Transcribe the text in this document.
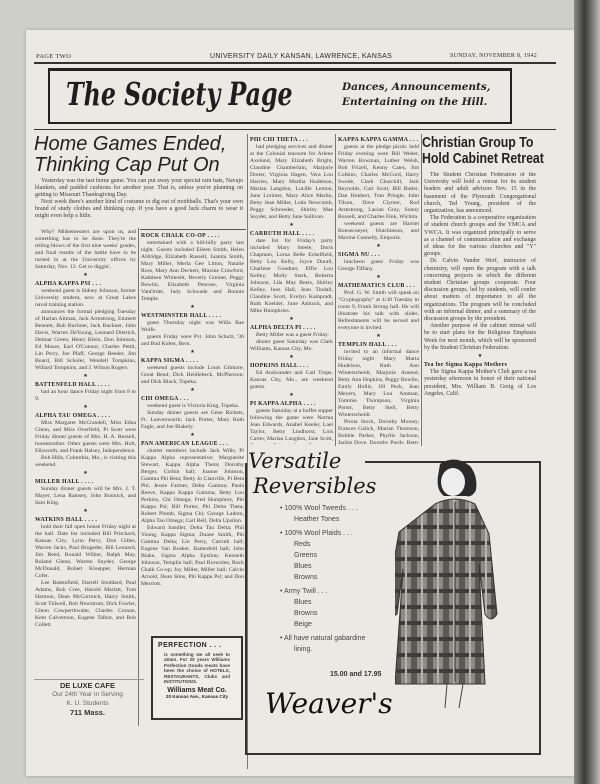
PAGE TWO	UNIVERSITY DAILY KANSAN, LAWRENCE, KANSAS	SUNDAY, NOVEMBER 8, 1942
The Society Page	Dances, Announcements,
Entertaining on the Hill.
Home Games Ended,
Thinking Cap Put On

Yesterday was the last home game. You can put away your special rain hats, Navajo blankets, and padded cushions for another year. That is, unless you're planning on getting to Missouri Thanksgiving Day.

Next week there's another kind of costume to dig out of mothballs. That's your own brand of study clothes and thinking cap. If you have a good luck charm to wear it might even help a little.

Why? Midsemesters are upon us, and something has to be done. They're the telling blows of the first nine weeks' grades, and final results of the battle have to be turned in at the University offices by Saturday, Nov. 12. Get to diggin'.

★
ALPHA KAPPA PSI . . .

weekend guest is Sidney Johnson, former University student, now at Great Lakes naval training station.

announces the formal pledging Tuesday of Harlan Altman, Jack Armstrong, Emmett Bennett, Bob Buchner, Jack Buckner, John Davis, Warren DeYoung, Leonard Dietrich, Delmar Green, Henry Klein, Don Johnson, Ed Moses, Earl O'Connor, Charles Pettit, Lin Perry, Joe Pfaff, George Reeder, Jim Board, Bill Scholer, Wendell Tompkins, Willard Tompkins, and J. Wilson Rogers.

★
BATTENFELD HALL . . . .

had an hour dance Friday night from 8 to 9.

★
ALPHA TAU OMEGA . . . .

Miss Margaret McCrandell, Miss Edna Glenn, and Miss Overfield, Pi Scott were Friday dinner guests of Mrs. H. A. Russell, housemother. Other guests were Mrs. Holt, Ellsworth, and Frank Halsey, Independence.

Bob Hills, Columbia, Mo., is visiting this weekend.

★
MILLER HALL . . . .

Sunday dinner guests will be Mrs. J. T. Mayer, Lena Ramsey, John Bonnick, and Sam King.

★
WATKINS HALL . . . .

hold their fall open house Friday night at the hall. Date list included Bill Pritchard, Kansas City; Lynn Perry, Don Gilles, Warren Jacks, Paul Brugeder, Bill Leonard, Jim Reed, Ronald Wilbur, Ralph May, Roland Glenn, Warren Snyder, George McDonald, Robert Kloepper, Herman Cofer.

Lee Battenfield, Darrell Stoddard, Paul Adams, Bob Cree, Harold Marlatt, Tom Harmon, Dean McCormick, Harry Smith, Scott Tidwell, Bob Newstrom, Dick Fowler, Glenn Cowperthwaite, Charles Cronan, Kent Culvertson, Eugene Talbot, and Bob Collett.

ROCK CHALK CO-OP . . . .

entertained with a hill-billy party last night. Guests included Eileen Smith, Helen Aldridge, Elizabeth Russell, Juanita Smith, Mary Miller, Merla Gee Litton, Natalie Ross, Mary Ann Deckert, Maxine Crawford, Kathleen Whitesitt, Beverly Greiner, Peggy Bowlin, Elizabeth Penrose, Virginia VanOrder, Judy Schwade and Bonnie Temple.

★
WESTMINSTER HALL . . . .

guest Thursday night was Willa Rae Wolfe.

guests Friday were Pvt. John Schulz, '36 and Bud Kober, Bern.

★
KAPPA SIGMA . . . .

weekend guests include Louis Gilmore, Great Bend; Dick Heidlebeck, McPherson; and Dick Black, Topeka.

★
CHI OMEGA . . .

weekend guest is Victoria King, Topeka.

Sunday dinner guests are Gene Rickets, Ft. Leavenworth; Jack Porter, Mary Ruth Fagle, and Joe Blakely.

★
PAN AMERICAN LEAGUE . . .

charter members include Jack Wills, Pi Kappa Alpha representative; Marguerite Stewart, Kappa Alpha Theta; Dorothy Berger, Corbin hall; Joanne Johnson, Gamma Phi Beta; Betty Jo Clanville, Pi Beta Phi; Jessie Farmer, Delta Gamma; Paula Reeve, Kappa Kappa Gamma; Betty Lou Perkins, Chi Omega; Fred Humphrey, Phi Kappa Psi; Bill Porter, Phi Delta Theta; Robert Plumb, Sigma Chi; George Ladom, Alpha Tau Omega; Carl Bell, Delta Upsilon.

Edward Sandler, Delta Tau Delta; Phil Young, Kappa Sigma; Duane Smith, Phi Gamma Delta; Lin Perry, Carruth hall; Eugene Van Bosker, Battenfeld hall; John Blake, Sigma Alpha Epsilon; Kenneth Johnson, Templin hall; Paul Brownlee, Rock Chalk Co-op; Joy Miller, Miller hall; Calvin Arnold, Dean Sims, Phi Kappa Psi; and Don Merriott.

PHI CHI THETA . . .

had pledging services and dinner at the Colonial tearoom for Arlene Axelund, Mary Elizabeth Bright, Claudine Chamberlain, Marjorie Dorter, Virginia Hagen, Vera Lou Harries, Mary Martha Hudelson, Marian Langdon, Lucille Lemon, June Lorimer, Mary Alice Marlin, Betty Jean Miller, Loda Newcomb, Peggy Schroeder, Shirley Mae Snyder, and Betty June Sullivan.

★
CARRUTH HALL . . . .

date list for Friday's party included Mary Steele, Doris Chapman, Lorna Belle Eckelfield, Betty Lou Kelly, Joyce Durall, Charlene Goodner, Effie Lou Kelley, Molly Stark, Roberta Johnson, Lila May Beets, Shirley Kelley, Inez Hall, Jean Tindall, Claudine Scott, Evelyn Kampradt, Ruth Koehler, June Ashtock, and Mike Humphries.

★
ALPHA DELTA PI . . . .

Betty Miller was a guest Friday.

dinner guest Saturday was Clark Williams, Kansas City, Mo.

★
HOPKINS HALL . . .

Ed Andwander and Carl Trupe, Kansas City, Mo., are weekend guests.

★
PI KAPPA ALPHA . . . .

guests Saturday at a buffet supper following the game were Norma Jean Edwards, Anabel Keeler, Lael Taylor, Betty Lindhorst, Lois Carter, Marian Langdon, Jane Scott,

KAPPA KAPPA GAMMA . . .

guests at the pledge picnic held Friday evening were Bill Weber, Warren Bowman, Luther Welsh, Bob Frizell, Kenny Cates, Jim Colkins, Charles McCord, Harry Swede, Clark Churchill, Jack Reynolds, Curt Scott, Bill Butler, Dan Hunbert, Tom Pringle, John Tilson, Dave Clymer, Rod Armstrong, Lacian Gray, Sonny Russell, and Charles Fink, Wichita.

weekend guests are Harriet Bonsecoeyer, Hutchinson, and Maxine Connelly, Emporia.

★
SIGMA NU . . .

luncheon guest Friday was George Tiffany.

★
MATHEMATICS CLUB . . .

Prof. G. W. Smith will speak on "Cryptography" at 4:30 Tuesday in room 9, Frank Strong hall. He will illustrate his talk with slides. Refreshments will be served and everyone is invited.

★
TEMPLIN HALL . . .

invited to an informal dance Friday night Mary Marta Hudelson, Ruth Ann Winterscheidt, Marjorie Amend, Betty Ann Hopkins, Peggy Bowlin, Emily Hollis, Jill Peck, Jean Meyers, Mary Lou Amman, Tommie Thompson, Virginia Porter, Betty Stell, Betty Winterscheidt.

Pirola Stock, Dorothy Morsey, Frances Galick, Marian Thomson, Bobbie Parker, Phyllis Jackson, Jackie Dove, Dorothy Purdy, Betty

Christian Group To
Hold Cabinet Retreat

The Student Christian Federation of the University will hold a retreat for its student leaders and adult advisors Nov. 15 in the basement of the Plymouth Congregational church, Ted Young, president of the organization, has announced.

The Federation is a cooperative organization of student church groups and the YMCA and YWCA. It was organized principally to serve as a channel of communication and exchange of ideas for the various churches and "Y" groups.

Dr. Calvin Vander Werf, instructor of chemistry, will open the program with a talk concerning projects in which the different student Christian groups cooperate. Four discussion groups, led by students, will confer about matters of importance to all the organizations. The program will be concluded with an informal dinner, and a summary of the discussion groups by the president.

Another purpose of the cabinet retreat will be to start plans for the Religious Emphasis Week for next month, which will be sponsored by the Student Christian Federation.

★
Tea for Sigma Kappa Mothers

The Sigma Kappa Mother's Club gave a tea yesterday afternoon in honor of their national president, Mrs. William B. Greig of Los Angeles, Calif.

DE LUXE CAFE
Our 24th Year in Serving
K. U. Students
711 Mass.
PERFECTION . . .
is something we all seek to attain. For 20 years Williams Perfection Goods meats have been the choice of HOTELS, RESTAURANTS, Clubs and INSTITUTIONS.
Williams Meat Co.
20 Kansas Ave., Kansas City
Versatile
Reversibles
• 100% Wool Tweeds . . .
Heather Tones
• 100% Wool Plaids . . .
Reds
Greens
Blues
Browns
• Army Twill . . .
Blues
Browns
Beige
• All have natural gabardine
lining.
15.00 and 17.95
Weaver's
